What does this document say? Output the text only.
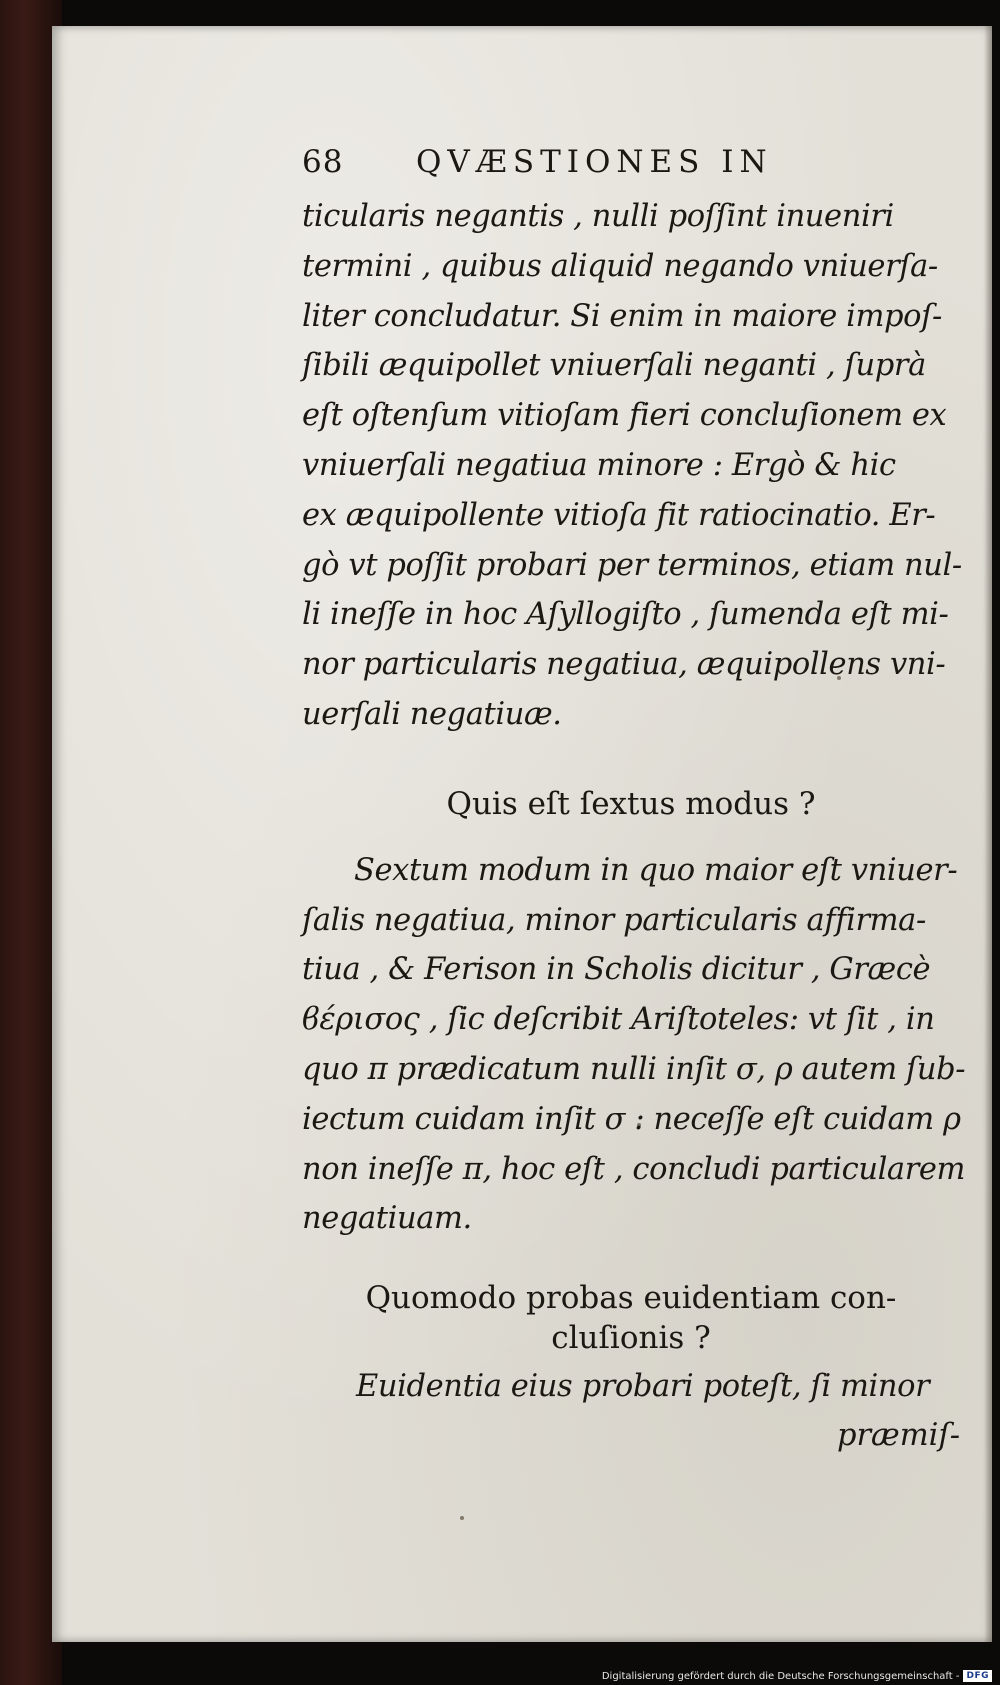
68	QVÆSTIONES IN

ticularis negantis , nulli poſſint inueniri
termini , quibus aliquid negando vniuerſa-
liter concludatur. Si enim in maiore impoſ-
ſibili æquipollet vniuerſali neganti , ſuprà
eſt oſtenſum vitioſam fieri concluſionem ex
vniuerſali negatiua minore : Ergò & hic
ex æquipollente vitioſa fit ratiocinatio. Er-
gò vt poſſit probari per terminos, etiam nul-
li ineſſe in hoc Aſyllogiſto , ſumenda eſt mi-
nor particularis negatiua, æquipollens vni-
uerſali negatiuæ.

Quis eſt ſextus modus ?

Sextum modum in quo maior eſt vniuer-
ſalis negatiua, minor particularis affirma-
tiua , & Ferison in Scholis dicitur , Græcè
ϐέρισος , ſic deſcribit Ariſtoteles: vt ſit , in
quo π prædicatum nulli inſit σ, ρ autem ſub-
iectum cuidam inſit σ : neceſſe eſt cuidam ρ
non ineſſe π, hoc eſt , concludi particularem
negatiuam.

Quomodo probas euidentiam con-
cluſionis ?

Euidentia eius probari poteſt, ſi minor

præmiſ-
Digitalisierung gefördert durch die Deutsche Forschungsgemeinschaft - DFG
